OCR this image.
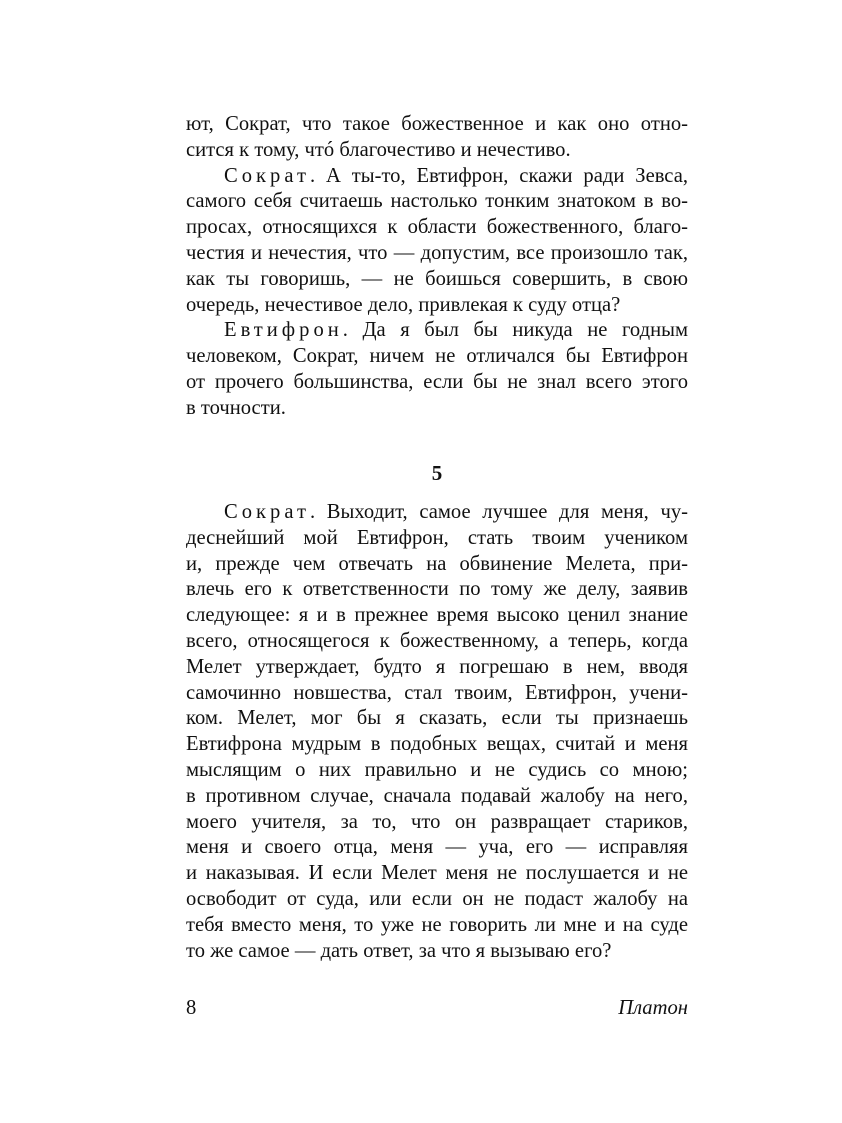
ют, Сократ, что такое божественное и как оно отно-
сится к тому, чтó благочестиво и нечестиво.
Сократ. А ты-то, Евтифрон, скажи ради Зевса,
самого себя считаешь настолько тонким знатоком в во-
просах, относящихся к области божественного, благо-
честия и нечестия, что — допустим, все произошло так,
как ты говоришь, — не боишься совершить, в свою
очередь, нечестивое дело, привлекая к суду отца?
Евтифрон. Да я был бы никуда не годным
человеком, Сократ, ничем не отличался бы Евтифрон
от прочего большинства, если бы не знал всего этого
в точности.
5
Сократ. Выходит, самое лучшее для меня, чу-
деснейший мой Евтифрон, стать твоим учеником
и, прежде чем отвечать на обвинение Мелета, при-
влечь его к ответственности по тому же делу, заявив
следующее: я и в прежнее время высоко ценил знание
всего, относящегося к божественному, а теперь, когда
Мелет утверждает, будто я погрешаю в нем, вводя
самочинно новшества, стал твоим, Евтифрон, учени-
ком. Мелет, мог бы я сказать, если ты признаешь
Евтифрона мудрым в подобных вещах, считай и меня
мыслящим о них правильно и не судись со мною;
в противном случае, сначала подавай жалобу на него,
моего учителя, за то, что он развращает стариков,
меня и своего отца, меня — уча, его — исправляя
и наказывая. И если Мелет меня не послушается и не
освободит от суда, или если он не подаст жалобу на
тебя вместо меня, то уже не говорить ли мне и на суде
то же самое — дать ответ, за что я вызываю его?
8	Платон
